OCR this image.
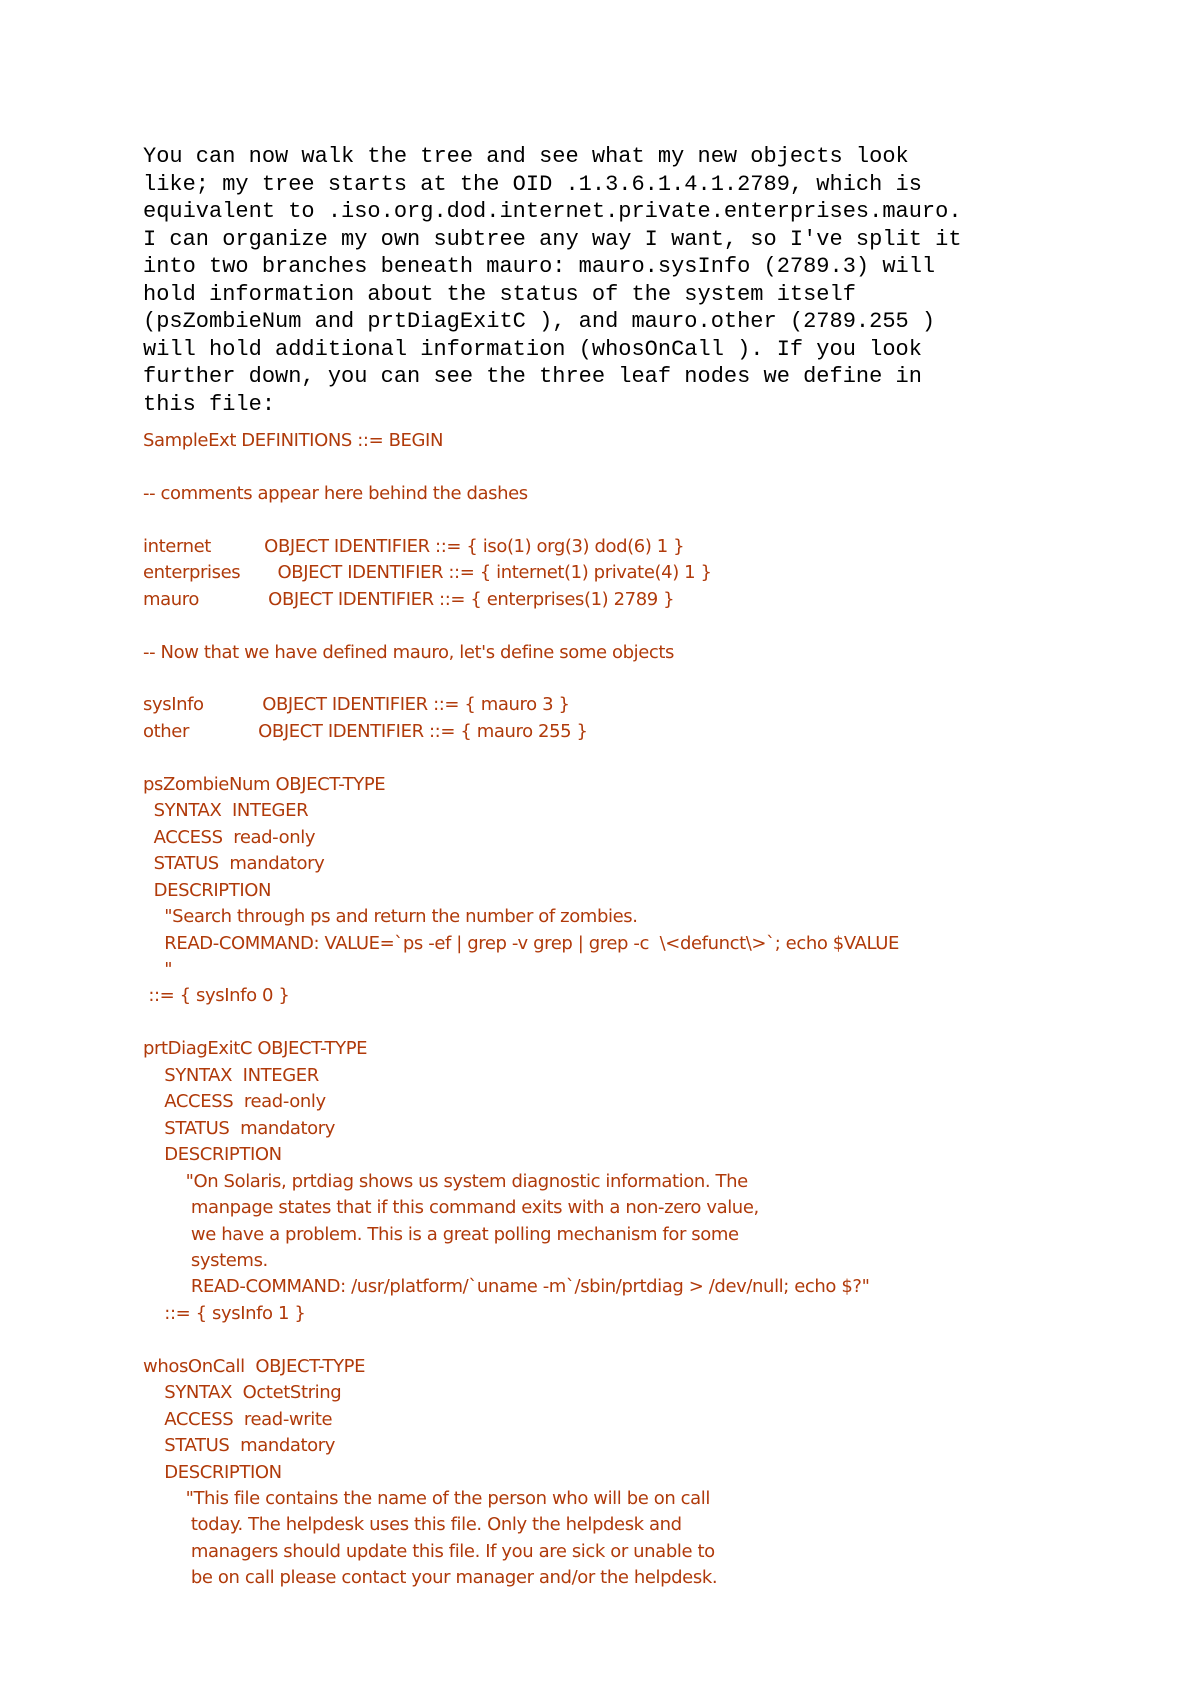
You can now walk the tree and see what my new objects look
like; my tree starts at the OID .1.3.6.1.4.1.2789, which is
equivalent to .iso.org.dod.internet.private.enterprises.mauro.
I can organize my own subtree any way I want, so I've split it
into two branches beneath mauro: mauro.sysInfo (2789.3) will
hold information about the status of the system itself
(psZombieNum and prtDiagExitC ), and mauro.other (2789.255 )
will hold additional information (whosOnCall ). If you look
further down, you can see the three leaf nodes we define in
this file:
SampleExt DEFINITIONS ::= BEGIN
-- comments appear here behind the dashes
internet          OBJECT IDENTIFIER ::= { iso(1) org(3) dod(6) 1 }
enterprises       OBJECT IDENTIFIER ::= { internet(1) private(4) 1 }
mauro             OBJECT IDENTIFIER ::= { enterprises(1) 2789 }
-- Now that we have defined mauro, let's define some objects
sysInfo           OBJECT IDENTIFIER ::= { mauro 3 }
other             OBJECT IDENTIFIER ::= { mauro 255 }
psZombieNum OBJECT-TYPE
SYNTAX  INTEGER
ACCESS  read-only
STATUS  mandatory
DESCRIPTION
"Search through ps and return the number of zombies.
READ-COMMAND: VALUE=`ps -ef | grep -v grep | grep -c  \<defunct\>`; echo $VALUE
"
::= { sysInfo 0 }
prtDiagExitC OBJECT-TYPE
SYNTAX  INTEGER
ACCESS  read-only
STATUS  mandatory
DESCRIPTION
"On Solaris, prtdiag shows us system diagnostic information. The
manpage states that if this command exits with a non-zero value,
we have a problem. This is a great polling mechanism for some
systems.
READ-COMMAND: /usr/platform/`uname -m`/sbin/prtdiag > /dev/null; echo $?"
::= { sysInfo 1 }
whosOnCall  OBJECT-TYPE
SYNTAX  OctetString
ACCESS  read-write
STATUS  mandatory
DESCRIPTION
"This file contains the name of the person who will be on call
today. The helpdesk uses this file. Only the helpdesk and
managers should update this file. If you are sick or unable to
be on call please contact your manager and/or the helpdesk.
